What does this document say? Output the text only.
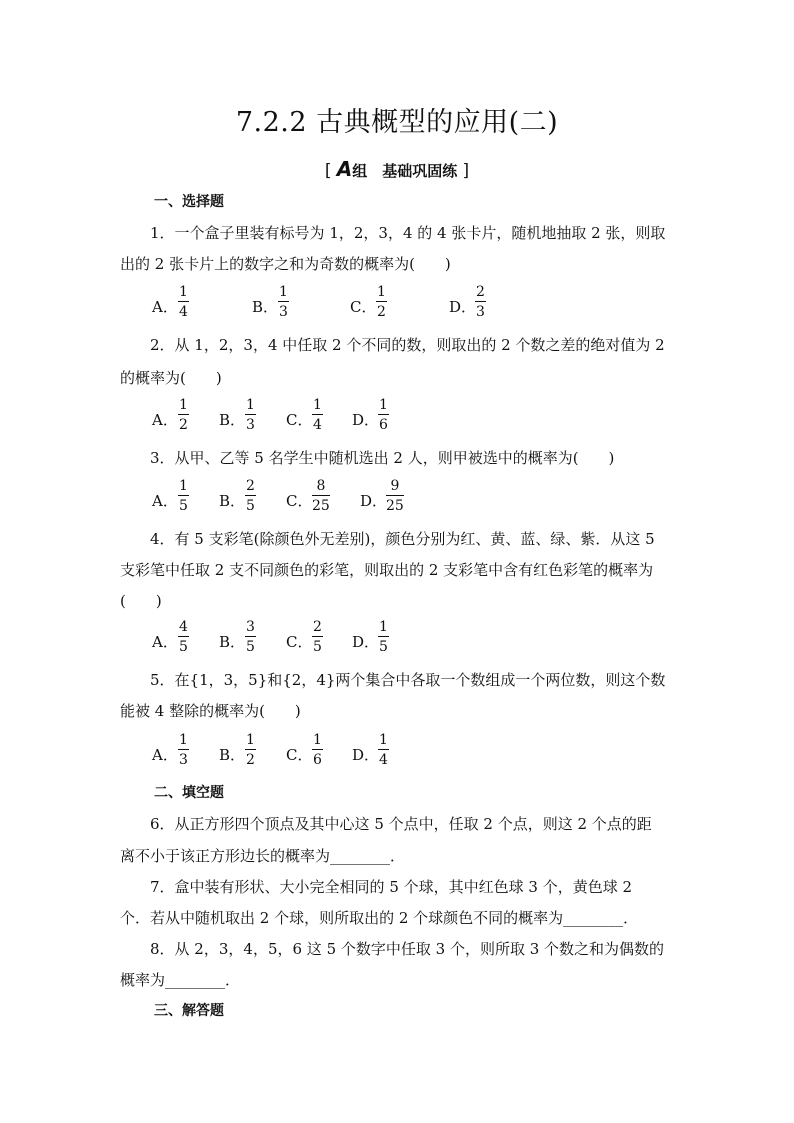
7.2.2 古典概型的应用(二)
[ A组　基础巩固练 ]
一、选择题
1．一个盒子里装有标号为 1，2，3，4 的 4 张卡片，随机地抽取 2 张，则取
出的 2 张卡片上的数字之和为奇数的概率为(　　)
A． $\frac{1}{4}$	B． $\frac{1}{3}$	C． $\frac{1}{2}$	D．
$\frac{2}{3}$
2．从 1，2，3，4 中任取 2 个不同的数，则取出的 2 个数之差的绝对值为 2
的概率为(　　)
A． $\frac{1}{2}$ B． $\frac{1}{3}$ C． $\frac{1}{4}$ D．
$\frac{1}{6}$
3．从甲、乙等 5 名学生中随机选出 2 人，则甲被选中的概率为(　　)
A． $\frac{1}{5}$ B． $\frac{2}{5}$ C． $\frac{8}{25}$ D．
$\frac{9}{25}$
4．有 5 支彩笔(除颜色外无差别)，颜色分别为红、黄、蓝、绿、紫．从这 5
支彩笔中任取 2 支不同颜色的彩笔，则取出的 2 支彩笔中含有红色彩笔的概率为
(　　)
A． $\frac{4}{5}$ B． $\frac{3}{5}$ C． $\frac{2}{5}$ D．
$\frac{1}{5}$
5．在{1，3，5}和{2，4}两个集合中各取一个数组成一个两位数，则这个数
能被 4 整除的概率为(　　)
A． $\frac{1}{3}$ B． $\frac{1}{2}$ C． $\frac{1}{6}$ D．
$\frac{1}{4}$
二、填空题
6．从正方形四个顶点及其中心这 5 个点中，任取 2 个点，则这 2 个点的距
离不小于该正方形边长的概率为________．
7．盒中装有形状、大小完全相同的 5 个球，其中红色球 3 个，黄色球 2
个．若从中随机取出 2 个球，则所取出的 2 个球颜色不同的概率为________．
8．从 2，3，4，5，6 这 5 个数字中任取 3 个，则所取 3 个数之和为偶数的
概率为________．
三、解答题
